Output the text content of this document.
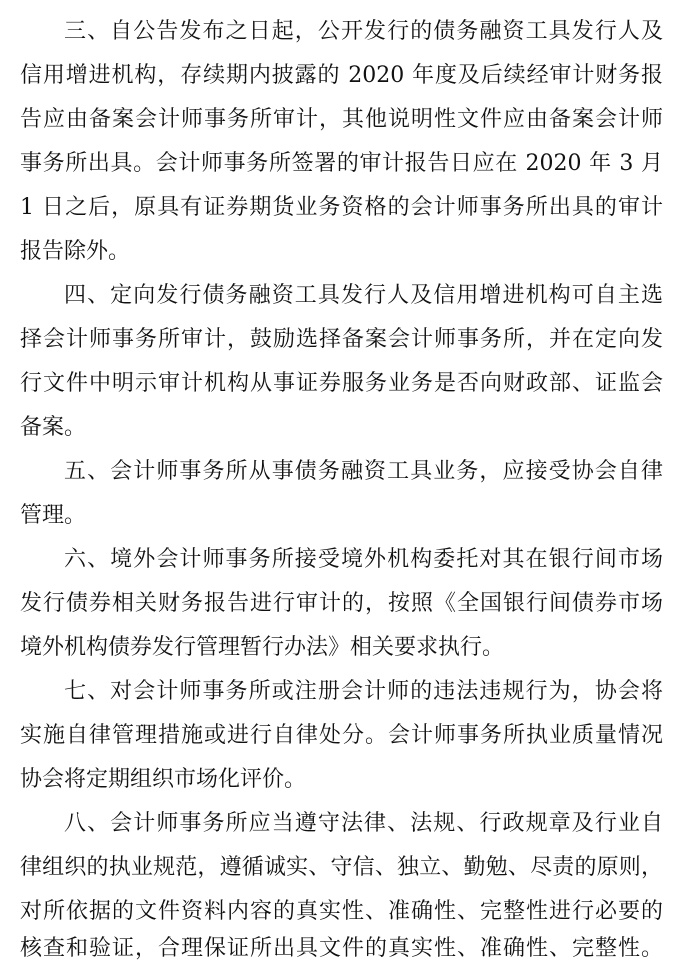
三、自公告发布之日起，公开发行的债务融资工具发行人及
信用增进机构，存续期内披露的 2020 年度及后续经审计财务报
告应由备案会计师事务所审计，其他说明性文件应由备案会计师
事务所出具。会计师事务所签署的审计报告日应在 2020 年 3 月
1 日之后，原具有证券期货业务资格的会计师事务所出具的审计
报告除外。
四、定向发行债务融资工具发行人及信用增进机构可自主选
择会计师事务所审计，鼓励选择备案会计师事务所，并在定向发
行文件中明示审计机构从事证券服务业务是否向财政部、证监会
备案。
五、会计师事务所从事债务融资工具业务，应接受协会自律
管理。
六、境外会计师事务所接受境外机构委托对其在银行间市场
发行债券相关财务报告进行审计的，按照《全国银行间债券市场
境外机构债券发行管理暂行办法》相关要求执行。
七、对会计师事务所或注册会计师的违法违规行为，协会将
实施自律管理措施或进行自律处分。会计师事务所执业质量情况
协会将定期组织市场化评价。
八、会计师事务所应当遵守法律、法规、行政规章及行业自
律组织的执业规范，遵循诚实、守信、独立、勤勉、尽责的原则，
对所依据的文件资料内容的真实性、准确性、完整性进行必要的
核查和验证，合理保证所出具文件的真实性、准确性、完整性。
